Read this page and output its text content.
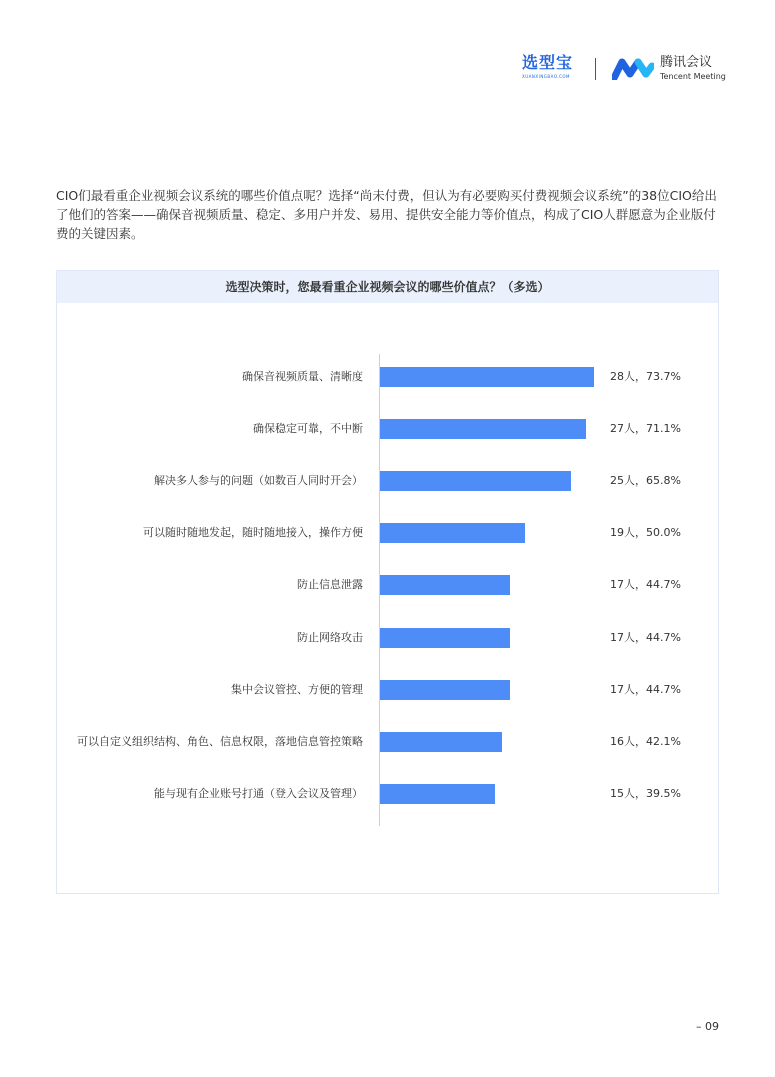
选型宝
XUANXINGBAO.COM
腾讯会议
Tencent Meeting

CIO们最看重企业视频会议系统的哪些价值点呢？选择“尚未付费，但认为有必要购买付费视频会议系统”的38位CIO给出了他们的答案——确保音视频质量、稳定、多用户并发、易用、提供安全能力等价值点，构成了CIO人群愿意为企业版付费的关键因素。

选型决策时，您最看重企业视频会议的哪些价值点？（多选）
确保音视频质量、清晰度	28人，73.7%
确保稳定可靠，不中断	27人，71.1%
解决多人参与的问题（如数百人同时开会）	25人，65.8%
可以随时随地发起，随时随地接入，操作方便	19人，50.0%
防止信息泄露	17人，44.7%
防止网络攻击	17人，44.7%
集中会议管控、方便的管理	17人，44.7%
可以自定义组织结构、角色、信息权限，落地信息管控策略	16人，42.1%
能与现有企业账号打通（登入会议及管理）	15人，39.5%
– 09
